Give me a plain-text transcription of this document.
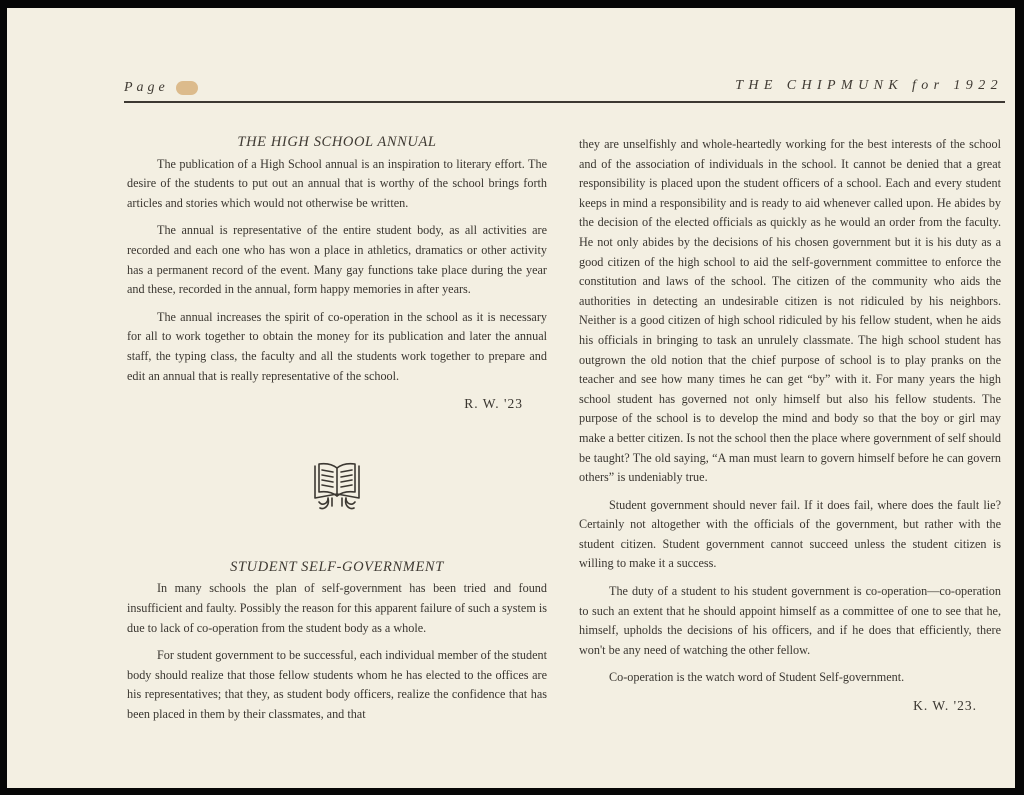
Page	THE CHIPMUNK for 1922
THE HIGH SCHOOL ANNUAL

The publication of a High School annual is an inspiration to literary effort. The desire of the students to put out an annual that is worthy of the school brings forth articles and stories which would not otherwise be written.

The annual is representative of the entire student body, as all activities are recorded and each one who has won a place in athletics, dramatics or other activity has a permanent record of the event. Many gay functions take place during the year and these, recorded in the annual, form happy memories in after years.

The annual increases the spirit of co-operation in the school as it is necessary for all to work together to obtain the money for its publication and later the annual staff, the typing class, the faculty and all the students work together to prepare and edit an annual that is really representative of the school.

R. W. '23
STUDENT SELF-GOVERNMENT

In many schools the plan of self-government has been tried and found insufficient and faulty. Possibly the reason for this apparent failure of such a system is due to lack of co-operation from the student body as a whole.

For student government to be successful, each individual member of the student body should realize that those fellow students whom he has elected to the offices are his representatives; that they, as student body officers, realize the confidence that has been placed in them by their classmates, and that

they are unselfishly and whole-heartedly working for the best interests of the school and of the association of individuals in the school. It cannot be denied that a great responsibility is placed upon the student officers of a school. Each and every student keeps in mind a responsibility and is ready to aid whenever called upon. He abides by the decision of the elected officials as quickly as he would an order from the faculty. He not only abides by the decisions of his chosen government but it is his duty as a good citizen of the high school to aid the self-government committee to enforce the constitution and laws of the school. The citizen of the community who aids the authorities in detecting an undesirable citizen is not ridiculed by his neighbors. Neither is a good citizen of high school ridiculed by his fellow student, when he aids his officials in bringing to task an unrulely classmate. The high school student has outgrown the old notion that the chief purpose of school is to play pranks on the teacher and see how many times he can get “by” with it. For many years the high school student has governed not only himself but also his fellow students. The purpose of the school is to develop the mind and body so that the boy or girl may make a better citizen. Is not the school then the place where government of self should be taught? The old saying, “A man must learn to govern himself before he can govern others” is undeniably true.

Student government should never fail. If it does fail, where does the fault lie? Certainly not altogether with the officials of the government, but rather with the student citizen. Student government cannot succeed unless the student citizen is willing to make it a success.

The duty of a student to his student government is co-operation—co-operation to such an extent that he should appoint himself as a committee of one to see that he, himself, upholds the decisions of his officers, and if he does that efficiently, there won't be any need of watching the other fellow.

Co-operation is the watch word of Student Self-government.

K. W. '23.
